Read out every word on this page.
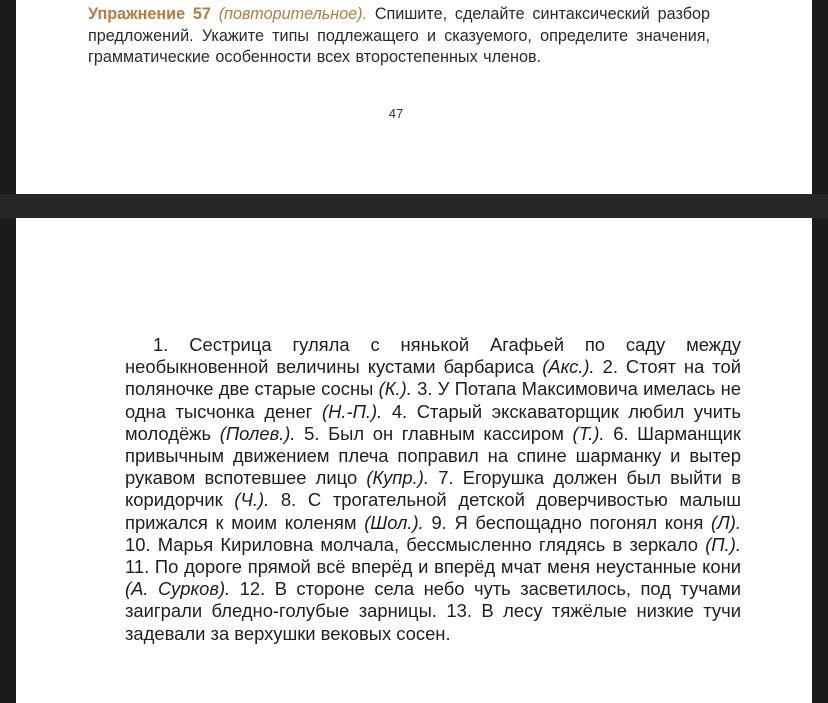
Упражнение 57 (повторительное). Спишите, сделайте синтаксический разбор предложений. Укажите типы подлежащего и сказуемого, определите значения, грамматические особенности всех второстепенных членов.
47
1. Сестрица гуляла с нянькой Агафьей по саду между необыкновенной величины кустами барбариса (Акс.). 2. Стоят на той поляночке две старые сосны (К.). 3. У Потапа Максимовича имелась не одна тысчонка денег (Н.-П.). 4. Старый экскаваторщик любил учить молодёжь (Полев.). 5. Был он главным кассиром (Т.). 6. Шарманщик привычным движением плеча поправил на спине шарманку и вытер рукавом вспотевшее лицо (Купр.). 7. Егорушка должен был выйти в коридорчик (Ч.). 8. С трогательной детской доверчивостью малыш прижался к моим коленям (Шол.). 9. Я беспощадно погонял коня (Л). 10. Марья Кириловна молчала, бессмысленно глядясь в зеркало (П.). 11. По дороге прямой всё вперёд и вперёд мчат меня неустанные кони (А. Сурков). 12. В стороне села небо чуть засветилось, под тучами заиграли бледно-голубые зарницы. 13. В лесу тяжёлые низкие тучи задевали за верхушки вековых сосен.
